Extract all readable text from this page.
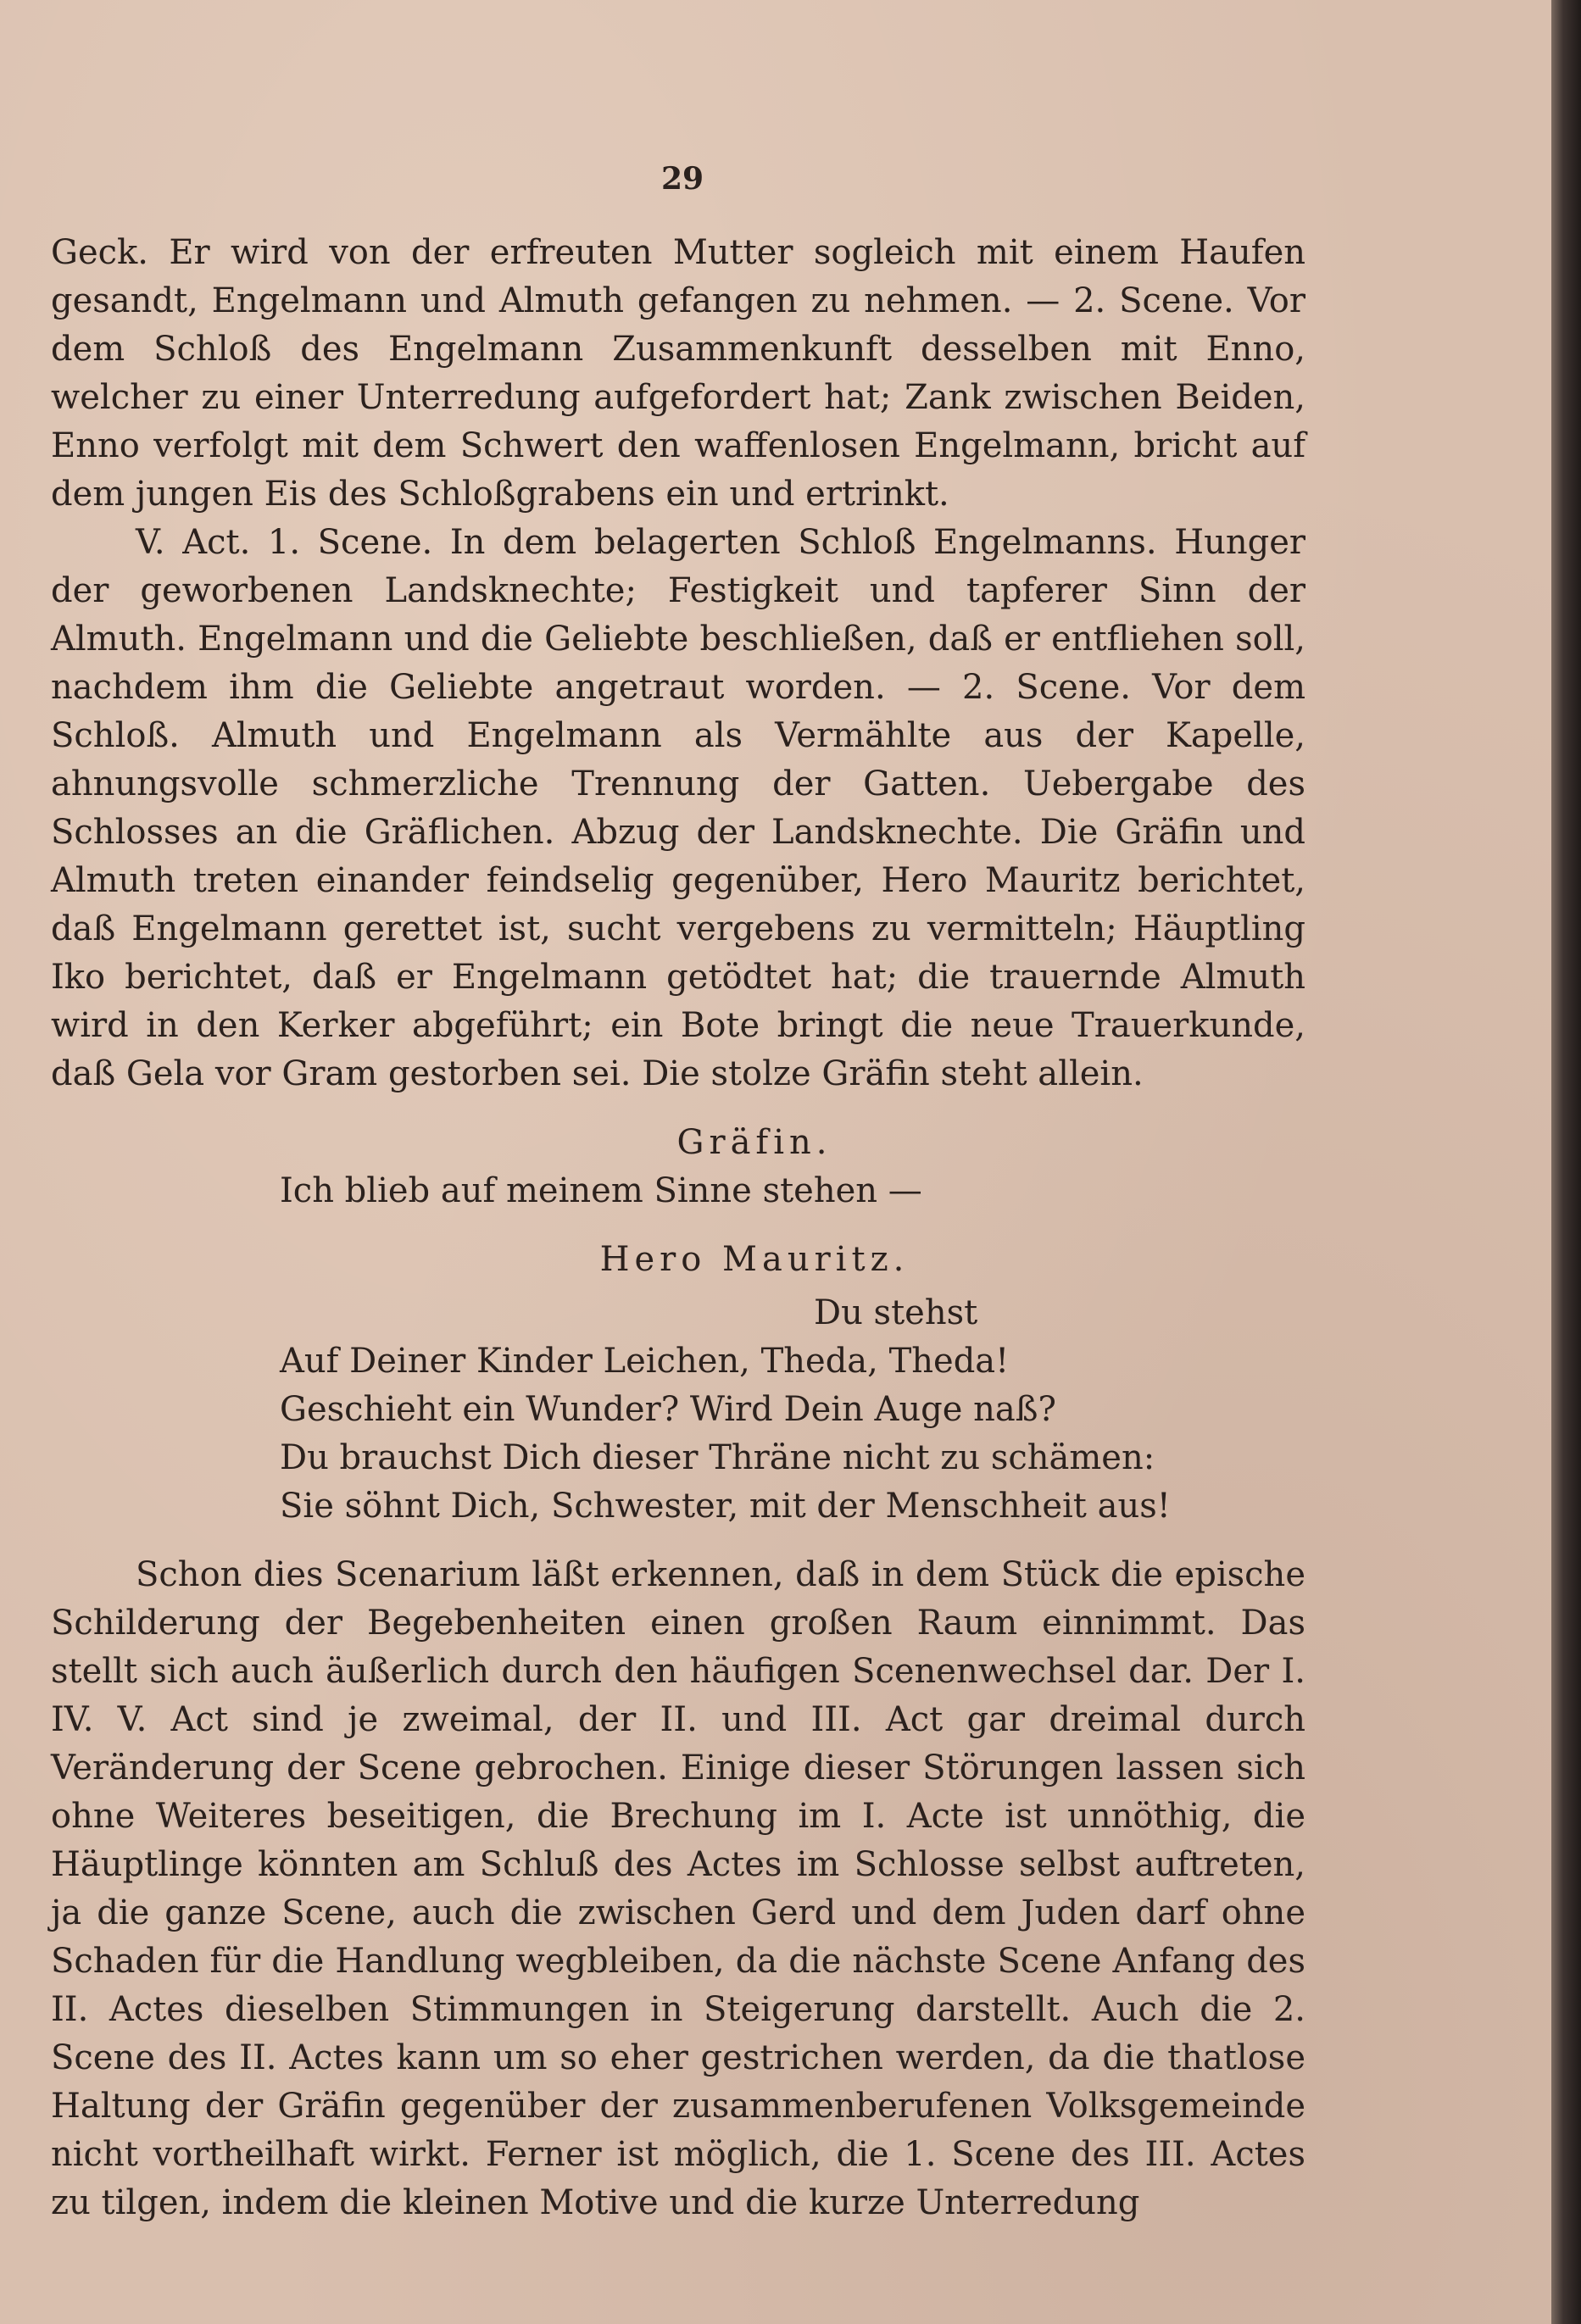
29

Geck. Er wird von der erfreuten Mutter sogleich mit einem Haufen gesandt, Engelmann und Almuth gefangen zu nehmen. — 2. Scene. Vor dem Schloß des Engelmann Zusammenkunft desselben mit Enno, welcher zu einer Unterredung aufgefordert hat; Zank zwischen Beiden, Enno verfolgt mit dem Schwert den waffenlosen Engelmann, bricht auf dem jungen Eis des Schloßgrabens ein und ertrinkt.

V. Act. 1. Scene. In dem belagerten Schloß Engelmanns. Hunger der geworbenen Landsknechte; Festigkeit und tapferer Sinn der Almuth. Engelmann und die Geliebte beschließen, daß er entfliehen soll, nachdem ihm die Geliebte angetraut worden. — 2. Scene. Vor dem Schloß. Almuth und Engelmann als Vermählte aus der Kapelle, ahnungsvolle schmerzliche Trennung der Gatten. Uebergabe des Schlosses an die Gräflichen. Abzug der Landsknechte. Die Gräfin und Almuth treten einander feindselig gegenüber, Hero Mauritz berichtet, daß Engelmann gerettet ist, sucht vergebens zu vermitteln; Häuptling Iko berichtet, daß er Engelmann getödtet hat; die trauernde Almuth wird in den Kerker abgeführt; ein Bote bringt die neue Trauerkunde, daß Gela vor Gram gestorben sei. Die stolze Gräfin steht allein.

Gräfin.

Ich blieb auf meinem Sinne stehen —

Hero Mauritz.

Du stehst

Auf Deiner Kinder Leichen, Theda, Theda!

Geschieht ein Wunder? Wird Dein Auge naß?

Du brauchst Dich dieser Thräne nicht zu schämen:

Sie söhnt Dich, Schwester, mit der Menschheit aus!

Schon dies Scenarium läßt erkennen, daß in dem Stück die epische Schilderung der Begebenheiten einen großen Raum einnimmt. Das stellt sich auch äußerlich durch den häufigen Scenenwechsel dar. Der I. IV. V. Act sind je zweimal, der II. und III. Act gar dreimal durch Veränderung der Scene gebrochen. Einige dieser Störungen lassen sich ohne Weiteres beseitigen, die Brechung im I. Acte ist unnöthig, die Häuptlinge könnten am Schluß des Actes im Schlosse selbst auftreten, ja die ganze Scene, auch die zwischen Gerd und dem Juden darf ohne Schaden für die Handlung wegbleiben, da die nächste Scene Anfang des II. Actes dieselben Stimmungen in Steigerung darstellt. Auch die 2. Scene des II. Actes kann um so eher gestrichen werden, da die thatlose Haltung der Gräfin gegenüber der zusammenberufenen Volksgemeinde nicht vortheilhaft wirkt. Ferner ist möglich, die 1. Scene des III. Actes zu tilgen, indem die kleinen Motive und die kurze Unterredung
